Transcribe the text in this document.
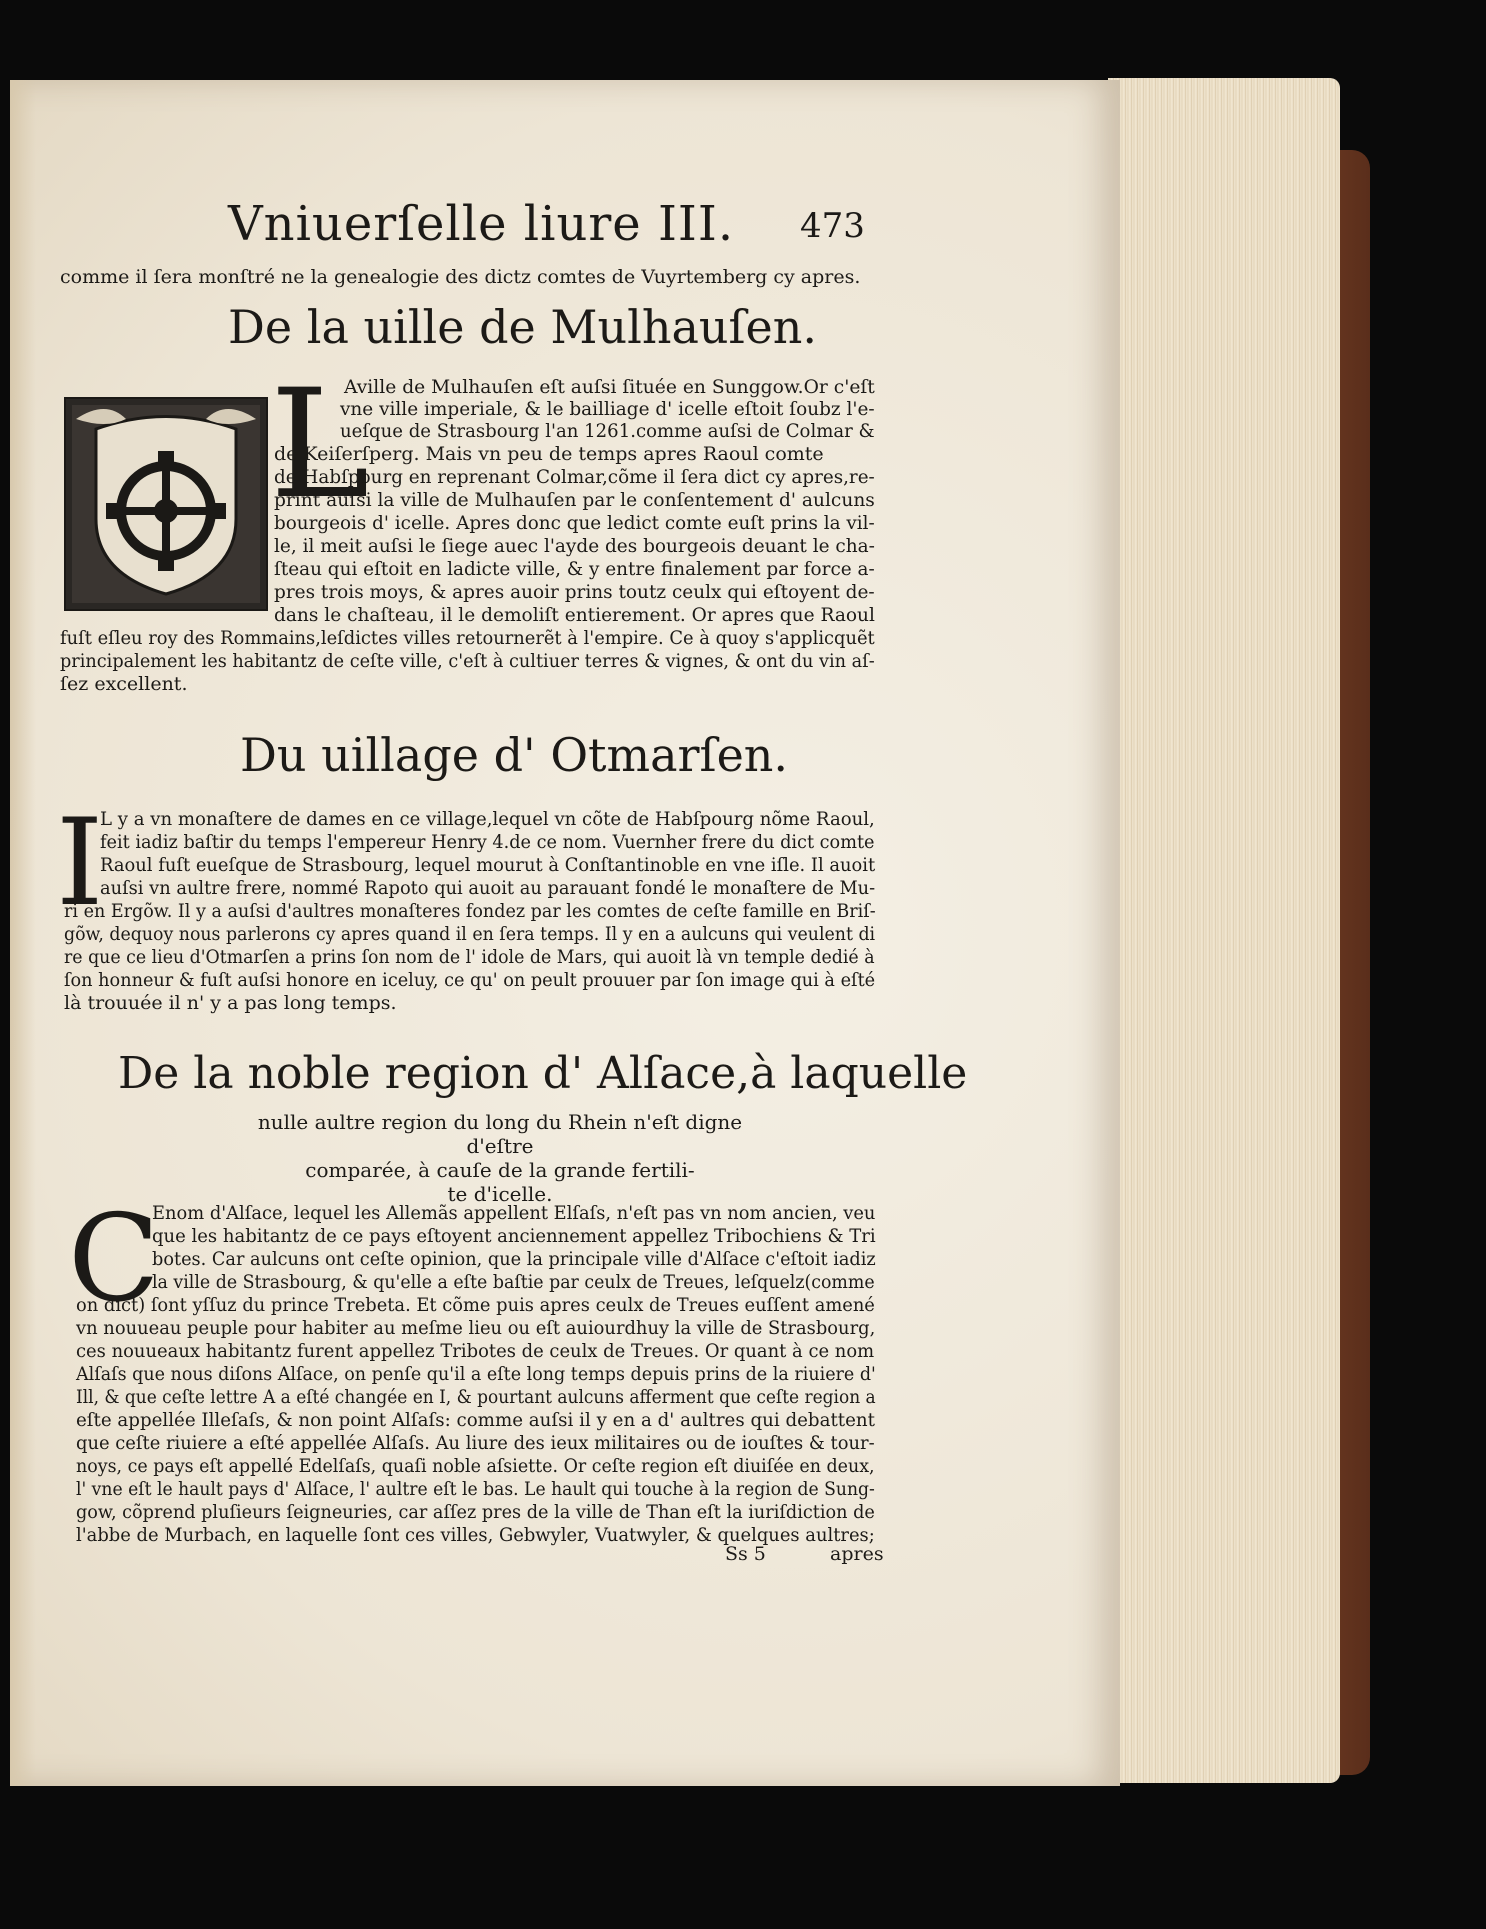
Vniuerſelle liure III. 473
comme il ſera monſtré ne la genealogie des dictz comtes de Vuyrtemberg cy apres.
De la uille de Mulhauſen.
L
Aville de Mulhauſen eſt auſsi ſituée en Sunggow.Or c'eſt
vne ville imperiale, & le bailliage d' icelle eſtoit ſoubz l'e-
ueſque de Strasbourg l'an 1261.comme auſsi de Colmar &
de Keiſerſperg. Mais vn peu de temps apres Raoul comte
de Habſpourg en reprenant Colmar,cõme il ſera dict cy apres,re-
print auſsi la ville de Mulhauſen par le conſentement d' aulcuns
bourgeois d' icelle. Apres donc que ledict comte euſt prins la vil-
le, il meit auſsi le ſiege auec l'ayde des bourgeois deuant le cha-
ſteau qui eſtoit en ladicte ville, & y entre finalement par force a-
pres trois moys, & apres auoir prins toutz ceulx qui eſtoyent de-
dans le chaſteau, il le demoliſt entierement. Or apres que Raoul
fuſt eſleu roy des Rommains,leſdictes villes retournerẽt à l'empire. Ce à quoy s'applicquẽt
principalement les habitantz de ceſte ville, c'eſt à cultiuer terres & vignes, & ont du vin aſ-
ſez excellent.
Du uillage d' Otmarſen.
I
L y a vn monaſtere de dames en ce village,lequel vn cõte de Habſpourg nõme Raoul,
feit iadiz baſtir du temps l'empereur Henry 4.de ce nom. Vuernher frere du dict comte
Raoul fuſt eueſque de Strasbourg, lequel mourut à Conſtantinoble en vne iſle. Il auoit
auſsi vn aultre frere, nommé Rapoto qui auoit au parauant fondé le monaſtere de Mu-
ri en Ergõw. Il y a auſsi d'aultres monaſteres fondez par les comtes de ceſte famille en Briſ-
gõw, dequoy nous parlerons cy apres quand il en ſera temps. Il y en a aulcuns qui veulent di
re que ce lieu d'Otmarſen a prins ſon nom de l' idole de Mars, qui auoit là vn temple dedié à
ſon honneur & fuſt auſsi honore en iceluy, ce qu' on peult prouuer par ſon image qui à eſté
là trouuée il n' y a pas long temps.
De la noble region d' Alſace,à laquelle
nulle aultre region du long du Rhein n'eſt digne d'eſtre
comparée, à cauſe de la grande fertili-
te d'icelle.
C
Enom d'Alſace, lequel les Allemãs appellent Elſaſs, n'eſt pas vn nom ancien, veu
que les habitantz de ce pays eſtoyent anciennement appellez Tribochiens & Tri
botes. Car aulcuns ont ceſte opinion, que la principale ville d'Alſace c'eſtoit iadiz
la ville de Strasbourg, & qu'elle a eſte baſtie par ceulx de Treues, leſquelz(comme
on dict) ſont yſſuz du prince Trebeta. Et cõme puis apres ceulx de Treues euſſent amené
vn nouueau peuple pour habiter au meſme lieu ou eſt auiourdhuy la ville de Strasbourg,
ces nouueaux habitantz furent appellez Tribotes de ceulx de Treues. Or quant à ce nom
Alſaſs que nous diſons Alſace, on penſe qu'il a eſte long temps depuis prins de la riuiere d'
Ill, & que ceſte lettre A a eſté changée en I, & pourtant aulcuns afferment que ceſte region a
eſte appellée Illeſaſs, & non point Alſaſs: comme auſsi il y en a d' aultres qui debattent
que ceſte riuiere a eſté appellée Alſaſs. Au liure des ieux militaires ou de iouſtes & tour-
noys, ce pays eſt appellé Edelſaſs, quaſi noble aſsiette. Or ceſte region eſt diuiſée en deux,
l' vne eſt le hault pays d' Alſace, l' aultre eſt le bas. Le hault qui touche à la region de Sung-
gow, cõprend pluſieurs ſeigneuries, car aſſez pres de la ville de Than eſt la iuriſdiction de
l'abbe de Murbach, en laquelle ſont ces villes, Gebwyler, Vuatwyler, & quelques aultres;
Ss 5	apres
